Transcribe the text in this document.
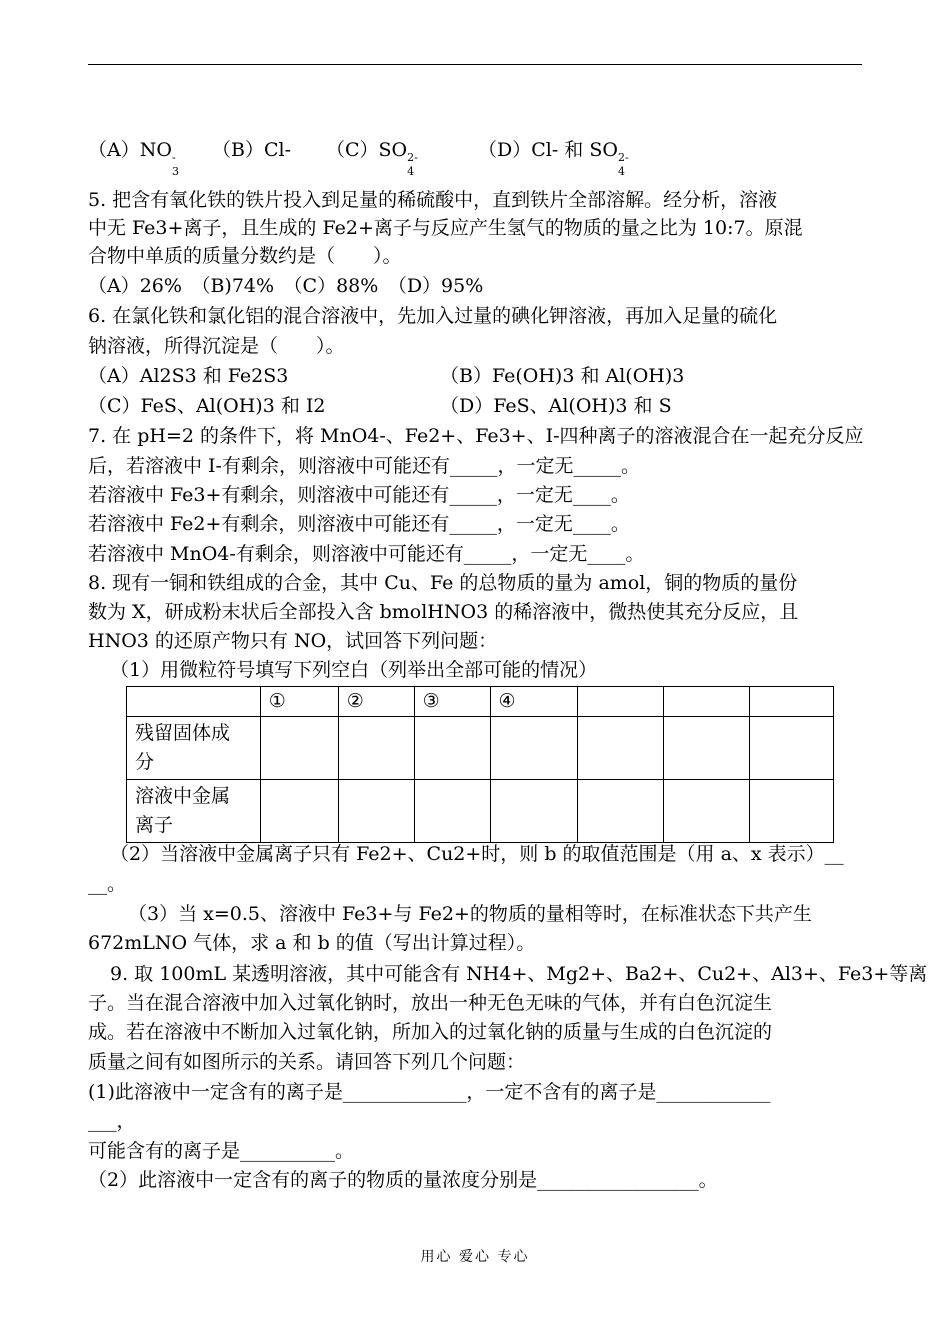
（A）NO -
3
（B）Cl- （C）SO 2-
4
（D）Cl- 和 SO 2-
4
5. 把含有氧化铁的铁片投入到足量的稀硫酸中，直到铁片全部溶解。经分析，溶液
中无 Fe3+离子，且生成的 Fe2+离子与反应产生氢气的物质的量之比为 10:7。原混
合物中单质的质量分数约是（　　）。
（A）26%　（B)74%　（C）88%　（D）95%
6. 在氯化铁和氯化铝的混合溶液中，先加入过量的碘化钾溶液，再加入足量的硫化
钠溶液，所得沉淀是（　　）。
（A）Al2S3 和 Fe2S3	（B）Fe(OH)3 和 Al(OH)3
（C）FeS、Al(OH)3 和 I2	（D）FeS、Al(OH)3 和 S
7. 在 pH=2 的条件下，将 MnO4-、Fe2+、Fe3+、I-四种离子的溶液混合在一起充分反应
后，若溶液中 I-有剩余，则溶液中可能还有_____，一定无_____。
若溶液中 Fe3+有剩余，则溶液中可能还有_____，一定无____。
若溶液中 Fe2+有剩余，则溶液中可能还有_____，一定无____。
若溶液中 MnO4-有剩余，则溶液中可能还有_____，一定无____。
8. 现有一铜和铁组成的合金，其中 Cu、Fe 的总物质的量为 amol，铜的物质的量份
数为 X，研成粉末状后全部投入含 bmolHNO3 的稀溶液中，微热使其充分反应，且
HNO3 的还原产物只有 NO，试回答下列问题：
（1）用微粒符号填写下列空白（列举出全部可能的情况）
	①	②	③	④			
残留固体成
分							
溶液中金属
离子							
（2）当溶液中金属离子只有 Fe2+、Cu2+时，则 b 的取值范围是（用 a、x 表示）__
__。
（3）当 x=0.5、溶液中 Fe3+与 Fe2+的物质的量相等时，在标准状态下共产生
672mLNO 气体，求 a 和 b 的值（写出计算过程）。
9. 取 100mL 某透明溶液，其中可能含有 NH4+、Mg2+、Ba2+、Cu2+、Al3+、Fe3+等离
子。当在混合溶液中加入过氧化钠时，放出一种无色无味的气体，并有白色沉淀生
成。若在溶液中不断加入过氧化钠，所加入的过氧化钠的质量与生成的白色沉淀的
质量之间有如图所示的关系。请回答下列几个问题：
(1)此溶液中一定含有的离子是_____________，一定不含有的离子是____________
___，
可能含有的离子是__________。
（2）此溶液中一定含有的离子的物质的量浓度分别是_________________。
用心 爱心 专心
